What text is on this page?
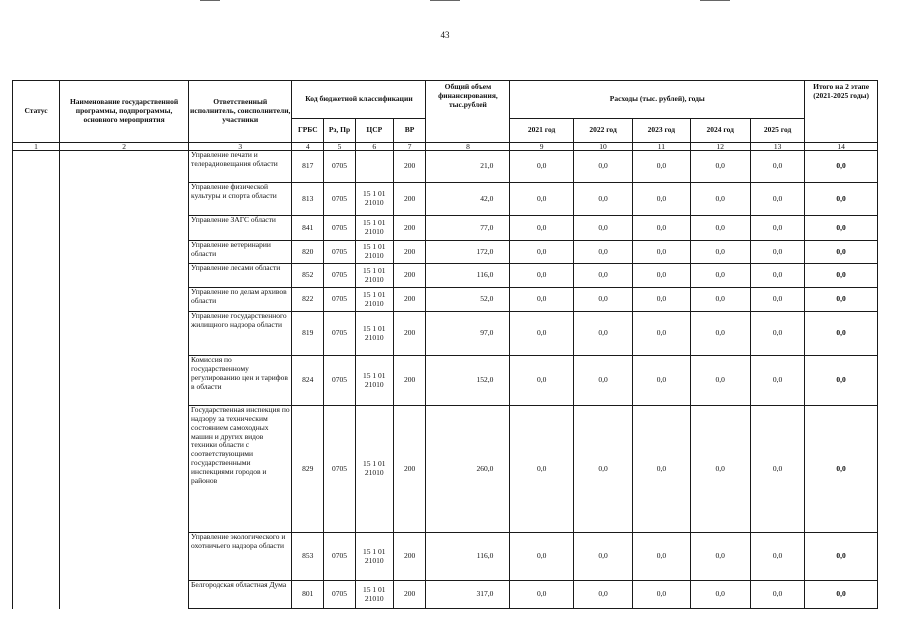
43
Статус	Наименование государственной программы, подпрограммы, основного мероприятия	Ответственный исполнитель, соисполнители, участники	Код бюджетной классификации				Общий объем финансирования, тыс.рублей	Расходы (тыс. рублей), годы					Итого на 2 этапе (2021-2025 годы)
			ГРБС	Рз, Пр	ЦСР	ВР		2021 год	2022 год	2023 год	2024 год	2025 год	
1	2	3	4	5	6	7	8	9	10	11	12	13	14
		Управление печати и телерадиовещания области	817	0705		200	21,0	0,0	0,0	0,0	0,0	0,0	0,0
		Управление физической культуры и спорта области	813	0705	15 1 01 21010	200	42,0	0,0	0,0	0,0	0,0	0,0	0,0
		Управление ЗАГС области	841	0705	15 1 01 21010	200	77,0	0,0	0,0	0,0	0,0	0,0	0,0
		Управление ветеринарии области	820	0705	15 1 01 21010	200	172,0	0,0	0,0	0,0	0,0	0,0	0,0
		Управление лесами области	852	0705	15 1 01 21010	200	116,0	0,0	0,0	0,0	0,0	0,0	0,0
		Управление по делам архивов области	822	0705	15 1 01 21010	200	52,0	0,0	0,0	0,0	0,0	0,0	0,0
		Управление государственного жилищного надзора области	819	0705	15 1 01 21010	200	97,0	0,0	0,0	0,0	0,0	0,0	0,0
		Комиссия по государственному регулированию цен и тарифов в области	824	0705	15 1 01 21010	200	152,0	0,0	0,0	0,0	0,0	0,0	0,0
		Государственная инспекция по надзору за техническим состоянием самоходных машин и других видов техники области с соответствующими государственными инспекциями городов и районов	829	0705	15 1 01 21010	200	260,0	0,0	0,0	0,0	0,0	0,0	0,0
		Управление экологического и охотничьего надзора области	853	0705	15 1 01 21010	200	116,0	0,0	0,0	0,0	0,0	0,0	0,0
		Белгородская областная Дума	801	0705	15 1 01 21010	200	317,0	0,0	0,0	0,0	0,0	0,0	0,0
